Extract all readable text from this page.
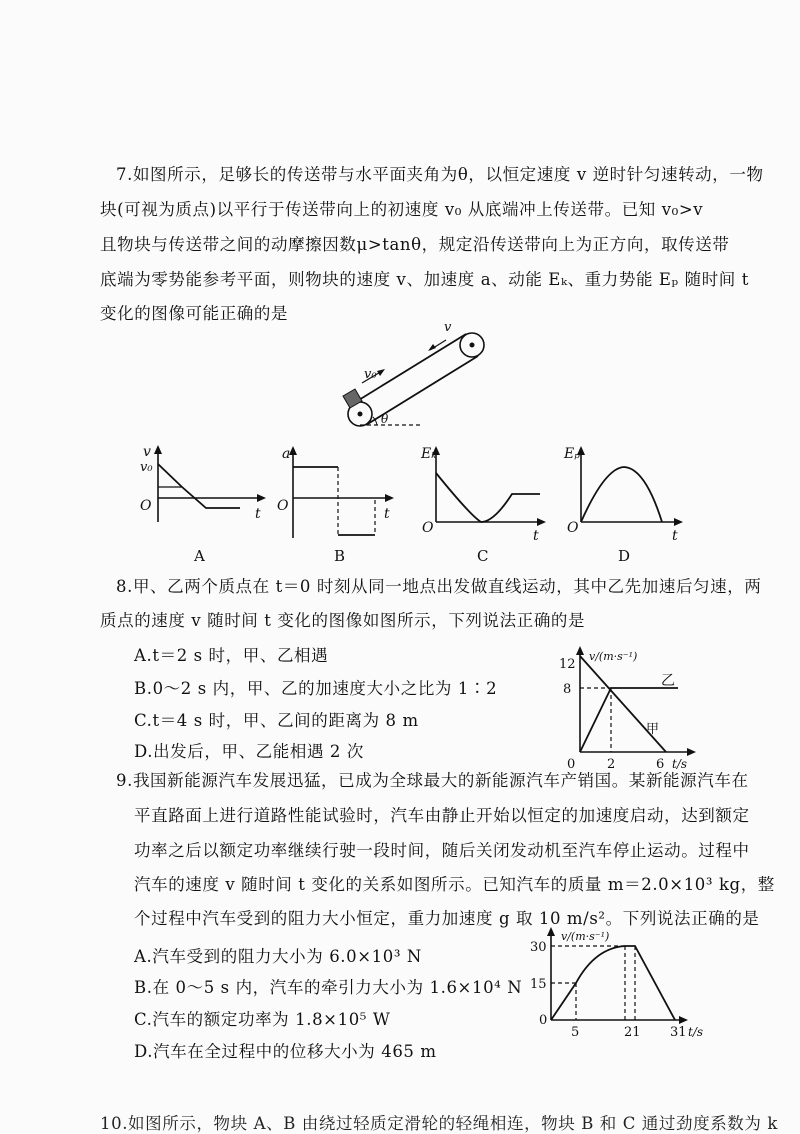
7.如图所示，足够长的传送带与水平面夹角为θ，以恒定速度 v 逆时针匀速转动，一物
块(可视为质点)以平行于传送带向上的初速度 v₀ 从底端冲上传送带。已知 v₀>v
且物块与传送带之间的动摩擦因数μ>tanθ，规定沿传送带向上为正方向，取传送带
底端为零势能参考平面，则物块的速度 v、加速度 a、动能 Eₖ、重力势能 Eₚ 随时间 t
变化的图像可能正确的是
v₀
v
θ
v
v₀
O	t
A
a
O	t
B
Eₖ
O	t
C
Eₚ
O	t
D
v/(m·s⁻¹)
t/s
12
8
0 2	6
乙
甲
v/(m·s⁻¹)
t/s
30
15
0
5	21 31
8.甲、乙两个质点在 t＝0 时刻从同一地点出发做直线运动，其中乙先加速后匀速，两
质点的速度 v 随时间 t 变化的图像如图所示，下列说法正确的是
A.t＝2 s 时，甲、乙相遇
B.0～2 s 内，甲、乙的加速度大小之比为 1∶2
C.t＝4 s 时，甲、乙间的距离为 8 m
D.出发后，甲、乙能相遇 2 次
9.我国新能源汽车发展迅猛，已成为全球最大的新能源汽车产销国。某新能源汽车在
平直路面上进行道路性能试验时，汽车由静止开始以恒定的加速度启动，达到额定
功率之后以额定功率继续行驶一段时间，随后关闭发动机至汽车停止运动。过程中
汽车的速度 v 随时间 t 变化的关系如图所示。已知汽车的质量 m＝2.0×10³ kg，整
个过程中汽车受到的阻力大小恒定，重力加速度 g 取 10 m/s²。下列说法正确的是
A.汽车受到的阻力大小为 6.0×10³ N
B.在 0～5 s 内，汽车的牵引力大小为 1.6×10⁴ N
C.汽车的额定功率为 1.8×10⁵ W
D.汽车在全过程中的位移大小为 465 m
10.如图所示，物块 A、B 由绕过轻质定滑轮的轻绳相连，物块 B 和 C 通过劲度系数为 k
